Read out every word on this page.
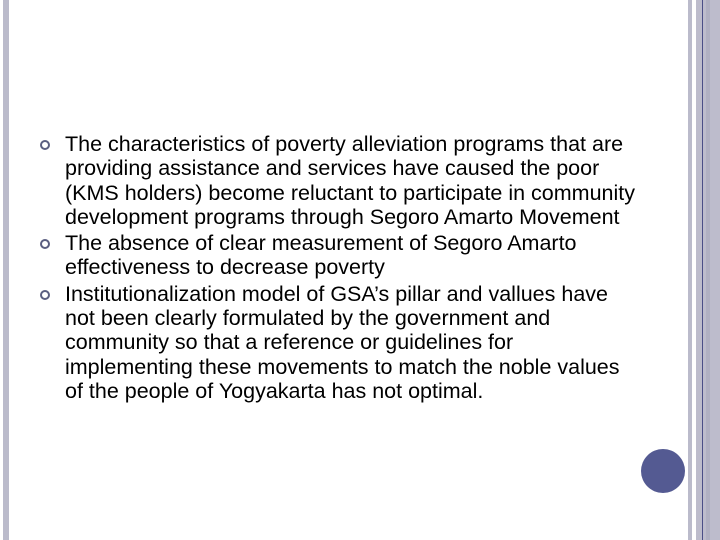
The characteristics of poverty alleviation programs that are providing assistance and services have caused the poor (KMS holders) become reluctant to participate in community development programs through Segoro Amarto Movement
The absence of clear measurement of Segoro Amarto effectiveness to decrease poverty
Institutionalization model of GSA’s pillar and vallues have not been clearly formulated by the government and community so that a reference or guidelines for implementing these movements to match the noble values of the people of Yogyakarta has not optimal.
